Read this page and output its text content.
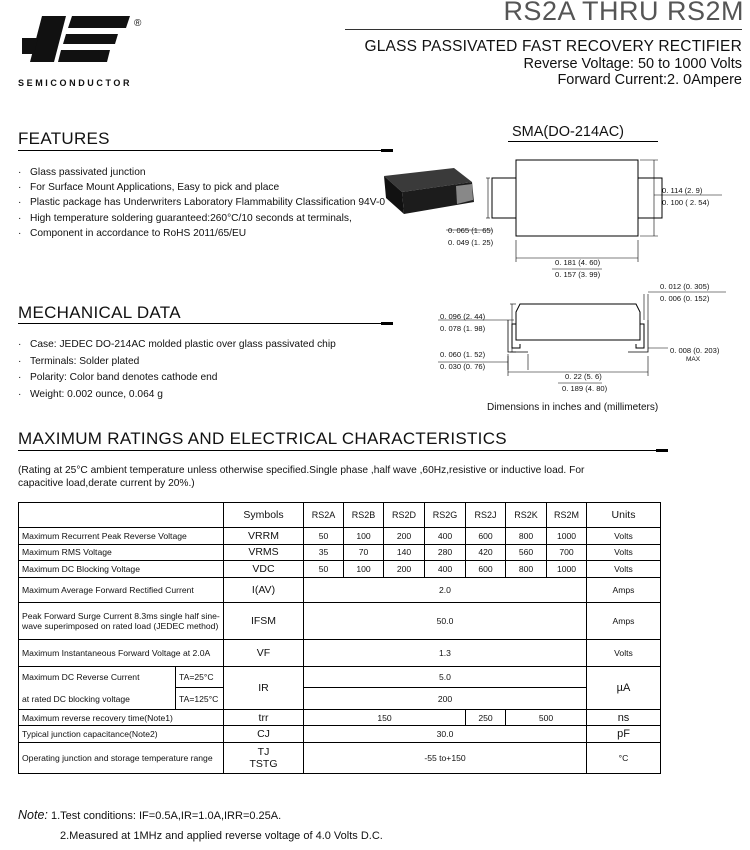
®
SEMICONDUCTOR
RS2A THRU RS2M
GLASS PASSIVATED FAST RECOVERY RECTIFIER
Reverse Voltage: 50 to 1000 Volts
Forward Current:2. 0Ampere
FEATURES
· Glass passivated junction
· For Surface Mount Applications, Easy to pick and place
· Plastic package has Underwriters Laboratory Flammability Classification 94V-0
· High temperature soldering guaranteed:260°C/10 seconds at terminals,
· Component in accordance to RoHS 2011/65/EU
MECHANICAL DATA
· Case: JEDEC DO-214AC molded plastic over glass passivated chip
· Terminals: Solder plated
· Polarity: Color band denotes cathode end
· Weight: 0.002 ounce, 0.064 g
SMA(DO-214AC)
0. 114 (2. 9)
0. 100 ( 2. 54)
0. 065 (1. 65)
0. 049 (1. 25)
0. 181 (4. 60)
0. 157 (3. 99)
0. 012 (0. 305)
0. 006 (0. 152)
0. 096 (2. 44)
0. 078 (1. 98)
0. 060 (1. 52)
0. 030 (0. 76)
0. 008 (0. 203)
MAX
0. 22 (5. 6)
0. 189 (4. 80)
Dimensions in inches and (millimeters)
MAXIMUM RATINGS AND ELECTRICAL CHARACTERISTICS
(Rating at 25°C ambient temperature unless otherwise specified.Single phase ,half wave ,60Hz,resistive or inductive load. For capacitive load,derate current by 20%.)
		Symbols	RS2A	RS2B	RS2D	RS2G	RS2J	RS2K	RS2M	Units
Maximum Recurrent Peak Reverse Voltage		VRRM	50	100	200	400	600	800	1000	Volts
Maximum RMS Voltage		VRMS	35	70	140	280	420	560	700	Volts
Maximum DC Blocking Voltage		VDC	50	100	200	400	600	800	1000	Volts
Maximum Average Forward Rectified Current		I(AV)	2.0							Amps
Peak Forward Surge Current 8.3ms single half sine-wave superimposed on rated load (JEDEC method)		IFSM	50.0							Amps
Maximum Instantaneous Forward Voltage at 2.0A		VF	1.3							Volts

Maximum DC Reverse Current
at rated DC blocking voltage	TA=25°C	IR	5.0							µA
	TA=125°C		200							
Maximum reverse recovery time(Note1)		trr	150				250	500		ns
Typical junction capacitance(Note2)		CJ	30.0							pF
Operating junction and storage temperature range		TJ
TSTG	-55 to+150							°C
Note: 1.Test conditions: IF=0.5A,IR=1.0A,IRR=0.25A.
2.Measured at 1MHz and applied reverse voltage of 4.0 Volts D.C.
